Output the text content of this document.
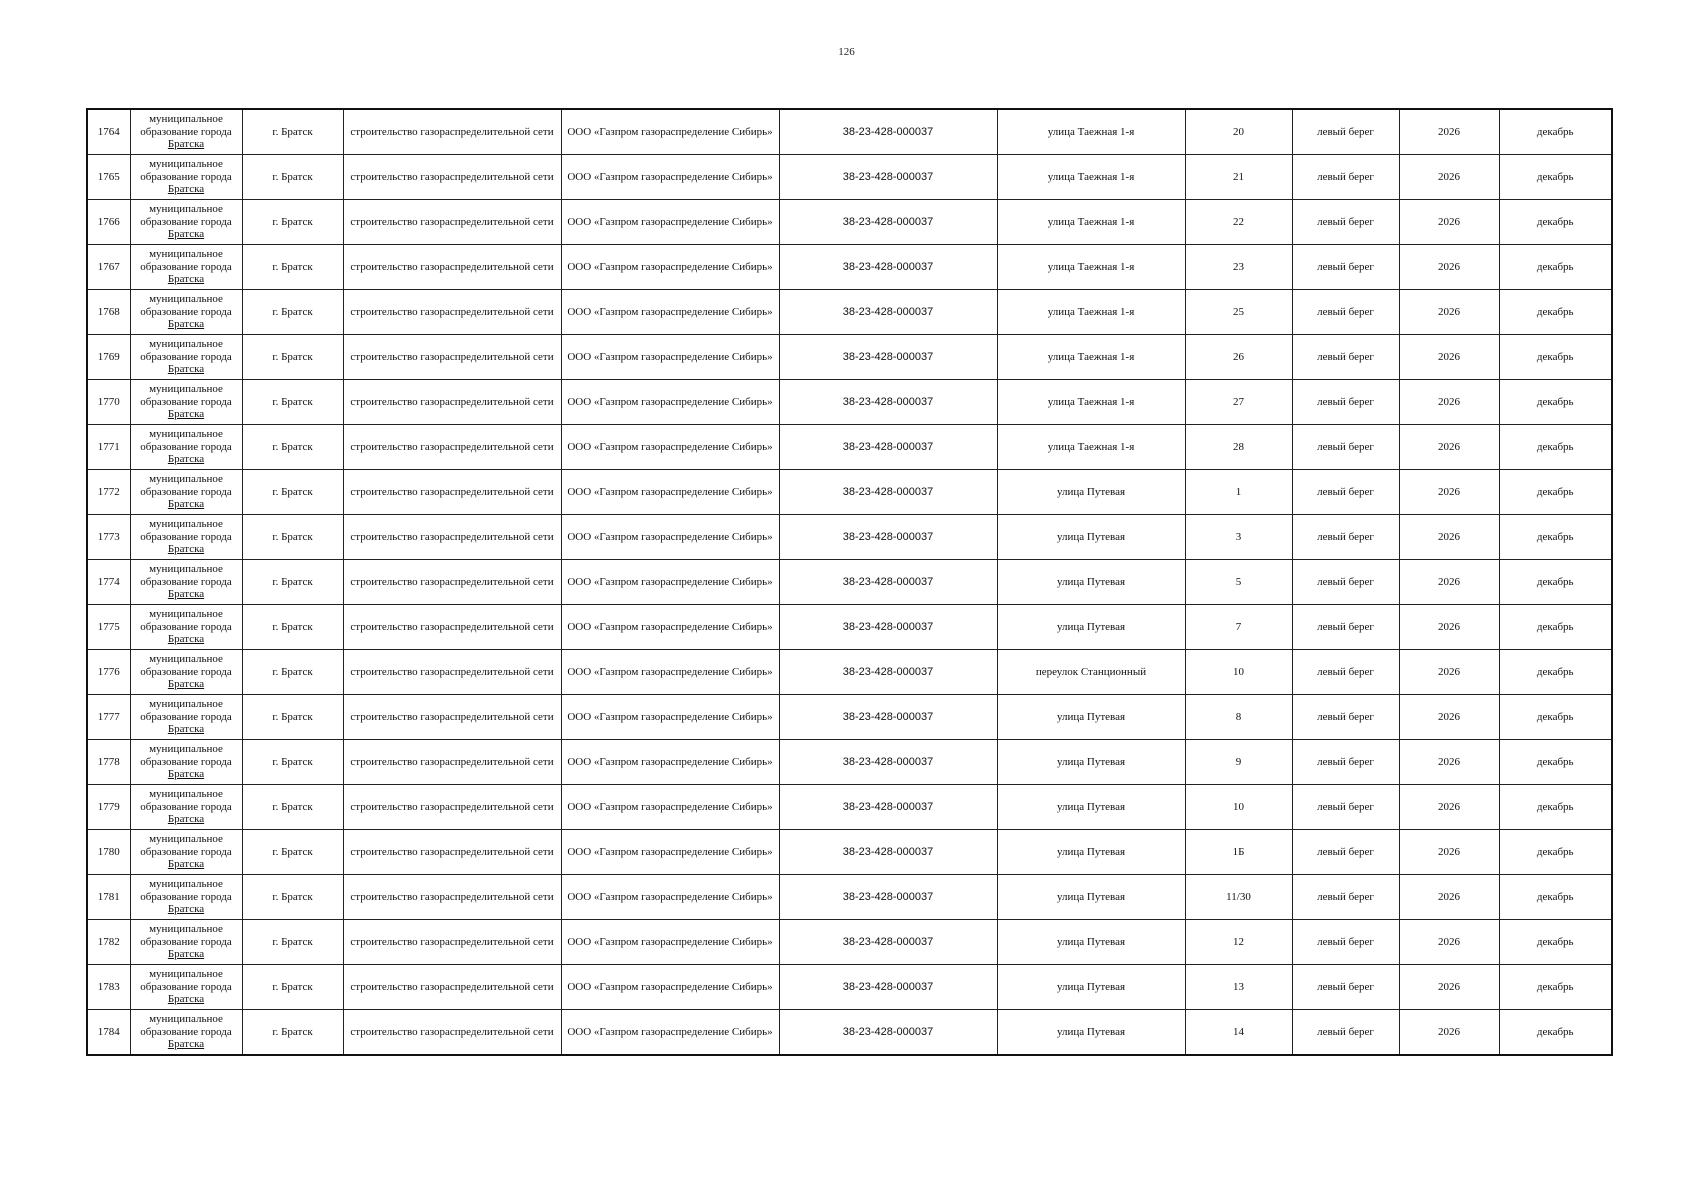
126
1764	муниципальное
образование города
Братска	г. Братск	строительство газораспределительной сети	ООО «Газпром газораспределение Сибирь»	38-23-428-000037	улица Таежная 1-я	20	левый берег	2026	декабрь
1765	муниципальное
образование города
Братска	г. Братск	строительство газораспределительной сети	ООО «Газпром газораспределение Сибирь»	38-23-428-000037	улица Таежная 1-я	21	левый берег	2026	декабрь
1766	муниципальное
образование города
Братска	г. Братск	строительство газораспределительной сети	ООО «Газпром газораспределение Сибирь»	38-23-428-000037	улица Таежная 1-я	22	левый берег	2026	декабрь
1767	муниципальное
образование города
Братска	г. Братск	строительство газораспределительной сети	ООО «Газпром газораспределение Сибирь»	38-23-428-000037	улица Таежная 1-я	23	левый берег	2026	декабрь
1768	муниципальное
образование города
Братска	г. Братск	строительство газораспределительной сети	ООО «Газпром газораспределение Сибирь»	38-23-428-000037	улица Таежная 1-я	25	левый берег	2026	декабрь
1769	муниципальное
образование города
Братска	г. Братск	строительство газораспределительной сети	ООО «Газпром газораспределение Сибирь»	38-23-428-000037	улица Таежная 1-я	26	левый берег	2026	декабрь
1770	муниципальное
образование города
Братска	г. Братск	строительство газораспределительной сети	ООО «Газпром газораспределение Сибирь»	38-23-428-000037	улица Таежная 1-я	27	левый берег	2026	декабрь
1771	муниципальное
образование города
Братска	г. Братск	строительство газораспределительной сети	ООО «Газпром газораспределение Сибирь»	38-23-428-000037	улица Таежная 1-я	28	левый берег	2026	декабрь
1772	муниципальное
образование города
Братска	г. Братск	строительство газораспределительной сети	ООО «Газпром газораспределение Сибирь»	38-23-428-000037	улица Путевая	1	левый берег	2026	декабрь
1773	муниципальное
образование города
Братска	г. Братск	строительство газораспределительной сети	ООО «Газпром газораспределение Сибирь»	38-23-428-000037	улица Путевая	3	левый берег	2026	декабрь
1774	муниципальное
образование города
Братска	г. Братск	строительство газораспределительной сети	ООО «Газпром газораспределение Сибирь»	38-23-428-000037	улица Путевая	5	левый берег	2026	декабрь
1775	муниципальное
образование города
Братска	г. Братск	строительство газораспределительной сети	ООО «Газпром газораспределение Сибирь»	38-23-428-000037	улица Путевая	7	левый берег	2026	декабрь
1776	муниципальное
образование города
Братска	г. Братск	строительство газораспределительной сети	ООО «Газпром газораспределение Сибирь»	38-23-428-000037	переулок Станционный	10	левый берег	2026	декабрь
1777	муниципальное
образование города
Братска	г. Братск	строительство газораспределительной сети	ООО «Газпром газораспределение Сибирь»	38-23-428-000037	улица Путевая	8	левый берег	2026	декабрь
1778	муниципальное
образование города
Братска	г. Братск	строительство газораспределительной сети	ООО «Газпром газораспределение Сибирь»	38-23-428-000037	улица Путевая	9	левый берег	2026	декабрь
1779	муниципальное
образование города
Братска	г. Братск	строительство газораспределительной сети	ООО «Газпром газораспределение Сибирь»	38-23-428-000037	улица Путевая	10	левый берег	2026	декабрь
1780	муниципальное
образование города
Братска	г. Братск	строительство газораспределительной сети	ООО «Газпром газораспределение Сибирь»	38-23-428-000037	улица Путевая	1Б	левый берег	2026	декабрь
1781	муниципальное
образование города
Братска	г. Братск	строительство газораспределительной сети	ООО «Газпром газораспределение Сибирь»	38-23-428-000037	улица Путевая	11/30	левый берег	2026	декабрь
1782	муниципальное
образование города
Братска	г. Братск	строительство газораспределительной сети	ООО «Газпром газораспределение Сибирь»	38-23-428-000037	улица Путевая	12	левый берег	2026	декабрь
1783	муниципальное
образование города
Братска	г. Братск	строительство газораспределительной сети	ООО «Газпром газораспределение Сибирь»	38-23-428-000037	улица Путевая	13	левый берег	2026	декабрь
1784	муниципальное
образование города
Братска	г. Братск	строительство газораспределительной сети	ООО «Газпром газораспределение Сибирь»	38-23-428-000037	улица Путевая	14	левый берег	2026	декабрь
